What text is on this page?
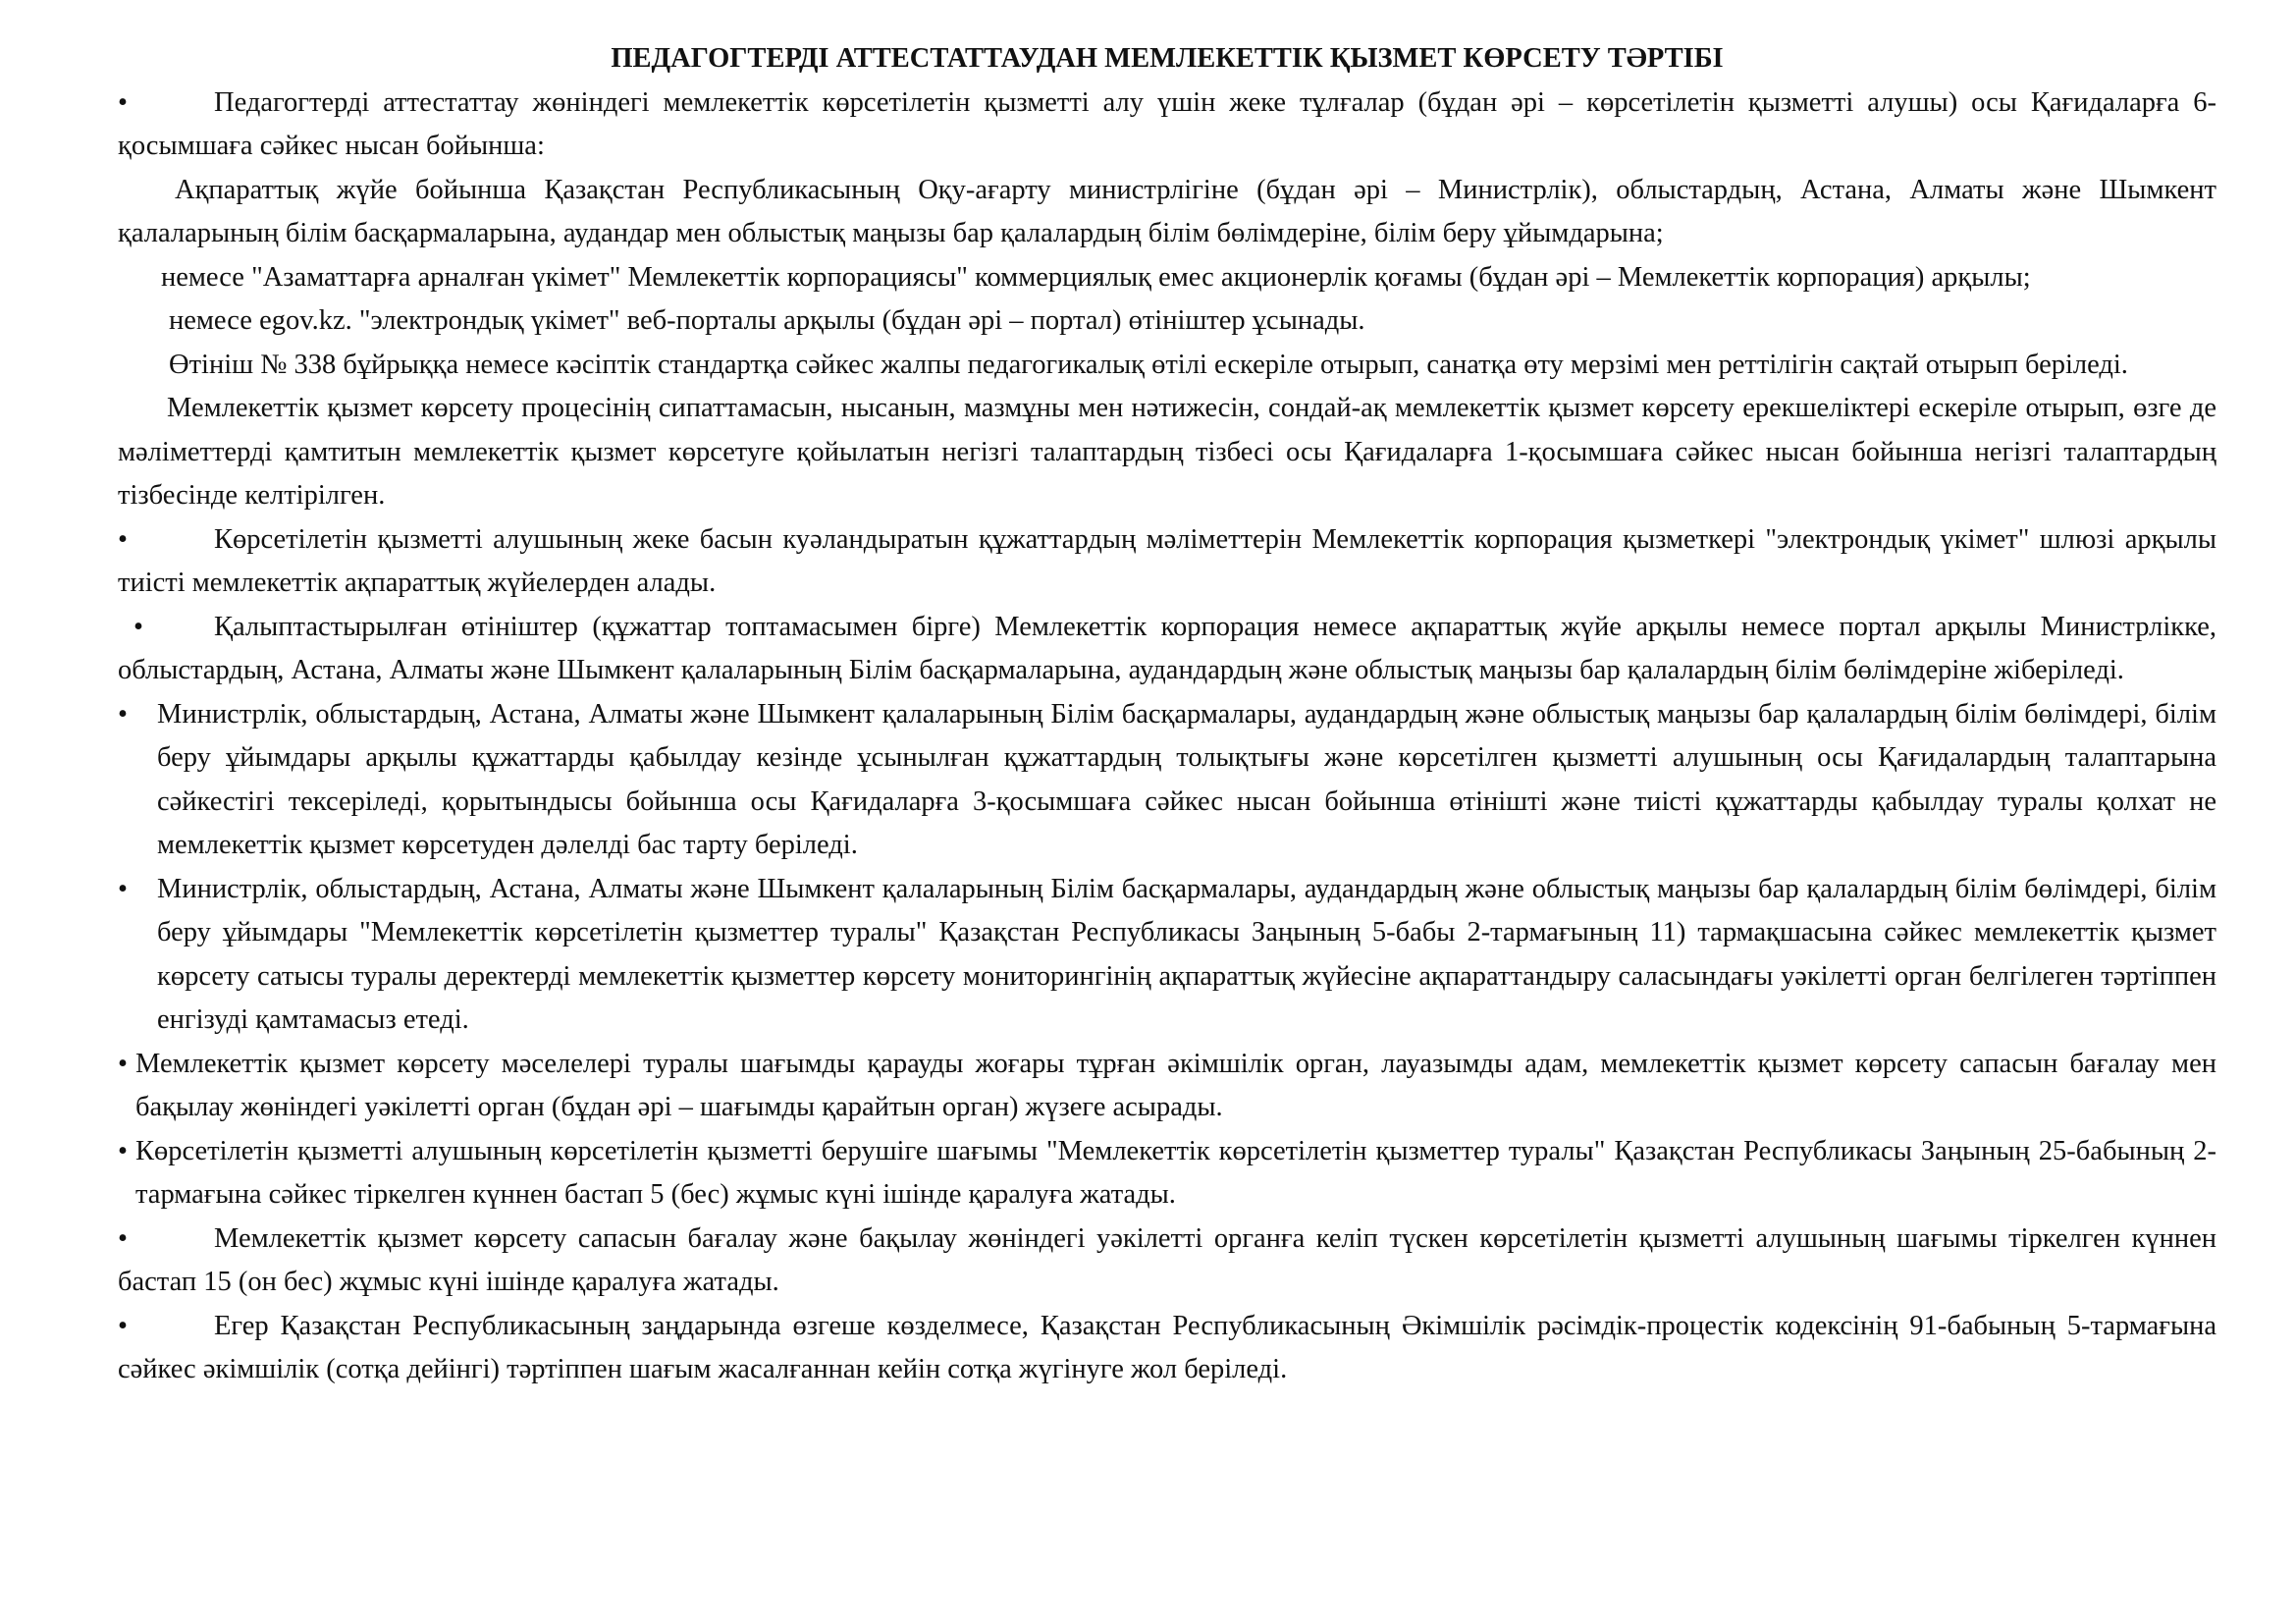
ПЕДАГОГТЕРДІ АТТЕСТАТТАУДАН МЕМЛЕКЕТТІК ҚЫЗМЕТ КӨРСЕТУ ТӘРТІБІ

• Педагогтерді аттестаттау жөніндегі мемлекеттік көрсетілетін қызметті алу үшін жеке тұлғалар (бұдан әрі – көрсетілетін қызметті алушы) осы Қағидаларға 6-қосымшаға сәйкес нысан бойынша:

Ақпараттық жүйе бойынша Қазақстан Республикасының Оқу-ағарту министрлігіне (бұдан әрі – Министрлік), облыстардың, Астана, Алматы және Шымкент қалаларының білім басқармаларына, аудандар мен облыстық маңызы бар қалалардың білім бөлімдеріне, білім беру ұйымдарына;

немесе "Азаматтарға арналған үкімет" Мемлекеттік корпорациясы" коммерциялық емес акционерлік қоғамы (бұдан әрі – Мемлекеттік корпорация) арқылы;

немесе egov.kz. "электрондық үкімет" веб-порталы арқылы (бұдан әрі – портал) өтініштер ұсынады.

Өтініш № 338 бұйрыққа немесе кәсіптік стандартқа сәйкес жалпы педагогикалық өтілі ескеріле отырып, санатқа өту мерзімі мен реттілігін сақтай отырып беріледі.

Мемлекеттік қызмет көрсету процесінің сипаттамасын, нысанын, мазмұны мен нәтижесін, сондай-ақ мемлекеттік қызмет көрсету ерекшеліктері ескеріле отырып, өзге де мәліметтерді қамтитын мемлекеттік қызмет көрсетуге қойылатын негізгі талаптардың тізбесі осы Қағидаларға 1-қосымшаға сәйкес нысан бойынша негізгі талаптардың тізбесінде келтірілген.

• Көрсетілетін қызметті алушының жеке басын куәландыратын құжаттардың мәліметтерін Мемлекеттік корпорация қызметкері "электрондық үкімет" шлюзі арқылы тиісті мемлекеттік ақпараттық жүйелерден алады.

• Қалыптастырылған өтініштер (құжаттар топтамасымен бірге) Мемлекеттік корпорация немесе ақпараттық жүйе арқылы немесе портал арқылы Министрлікке, облыстардың, Астана, Алматы және Шымкент қалаларының Білім басқармаларына, аудандардың және облыстық маңызы бар қалалардың білім бөлімдеріне жіберіледі.

• Министрлік, облыстардың, Астана, Алматы және Шымкент қалаларының Білім басқармалары, аудандардың және облыстық маңызы бар қалалардың білім бөлімдері, білім беру ұйымдары арқылы құжаттарды қабылдау кезінде ұсынылған құжаттардың толықтығы және көрсетілген қызметті алушының осы Қағидалардың талаптарына сәйкестігі тексеріледі, қорытындысы бойынша осы Қағидаларға 3-қосымшаға сәйкес нысан бойынша өтінішті және тиісті құжаттарды қабылдау туралы қолхат не мемлекеттік қызмет көрсетуден дәлелді бас тарту беріледі.

• Министрлік, облыстардың, Астана, Алматы және Шымкент қалаларының Білім басқармалары, аудандардың және облыстық маңызы бар қалалардың білім бөлімдері, білім беру ұйымдары "Мемлекеттік көрсетілетін қызметтер туралы" Қазақстан Республикасы Заңының 5-бабы 2-тармағының 11) тармақшасына сәйкес мемлекеттік қызмет көрсету сатысы туралы деректерді мемлекеттік қызметтер көрсету мониторингінің ақпараттық жүйесіне ақпараттандыру саласындағы уәкілетті орган белгілеген тәртіппен енгізуді қамтамасыз етеді.

• Мемлекеттік қызмет көрсету мәселелері туралы шағымды қарауды жоғары тұрған әкімшілік орган, лауазымды адам, мемлекеттік қызмет көрсету сапасын бағалау мен бақылау жөніндегі уәкілетті орган (бұдан әрі – шағымды қарайтын орган) жүзеге асырады.

• Көрсетілетін қызметті алушының көрсетілетін қызметті берушіге шағымы "Мемлекеттік көрсетілетін қызметтер туралы" Қазақстан Республикасы Заңының 25-бабының 2-тармағына сәйкес тіркелген күннен бастап 5 (бес) жұмыс күні ішінде қаралуға жатады.

• Мемлекеттік қызмет көрсету сапасын бағалау және бақылау жөніндегі уәкілетті органға келіп түскен көрсетілетін қызметті алушының шағымы тіркелген күннен бастап 15 (он бес) жұмыс күні ішінде қаралуға жатады.

• Егер Қазақстан Республикасының заңдарында өзгеше көзделмесе, Қазақстан Республикасының Әкімшілік рәсімдік-процестік кодексінің 91-бабының 5-тармағына сәйкес әкімшілік (сотқа дейінгі) тәртіппен шағым жасалғаннан кейін сотқа жүгінуге жол беріледі.
